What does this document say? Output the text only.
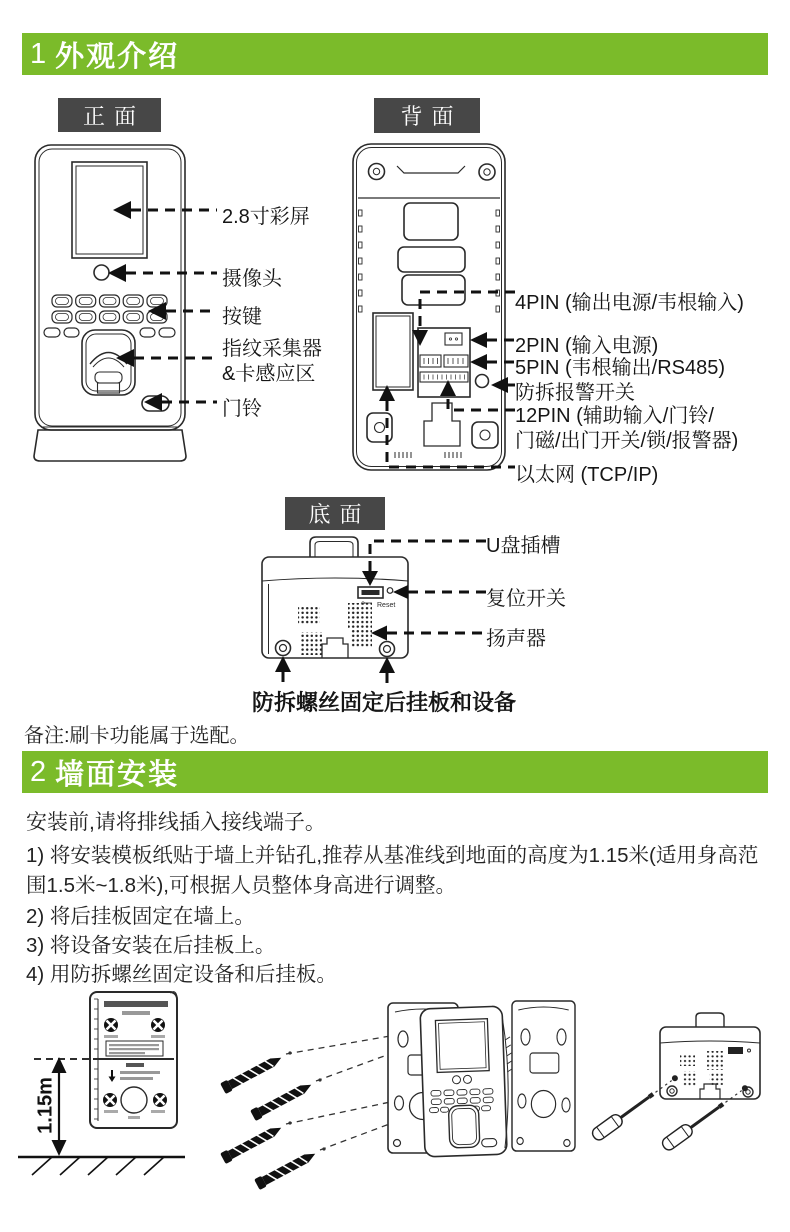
1 外观介绍
正面	背面
底面
2.8寸彩屏
摄像头
按键
指纹采集器
&卡感应区
门铃
4PIN (输出电源/韦根输入)
2PIN (输入电源)
5PIN (韦根输出/RS485)
防拆报警开关
12PIN (辅助输入/门铃/
门磁/出门开关/锁/报警器)
以太网 (TCP/IP)
Reset
U盘插槽
复位开关
扬声器
防拆螺丝固定后挂板和设备
备注:刷卡功能属于选配。
2 墙面安装
安装前,请将排线插入接线端子。
1) 将安装模板纸贴于墙上并钻孔,推荐从基准线到地面的高度为1.15米(适用身高范围1.5米~1.8米),可根据人员整体身高进行调整。
2) 将后挂板固定在墙上。
3) 将设备安装在后挂板上。
4) 用防拆螺丝固定设备和后挂板。
1.15m
